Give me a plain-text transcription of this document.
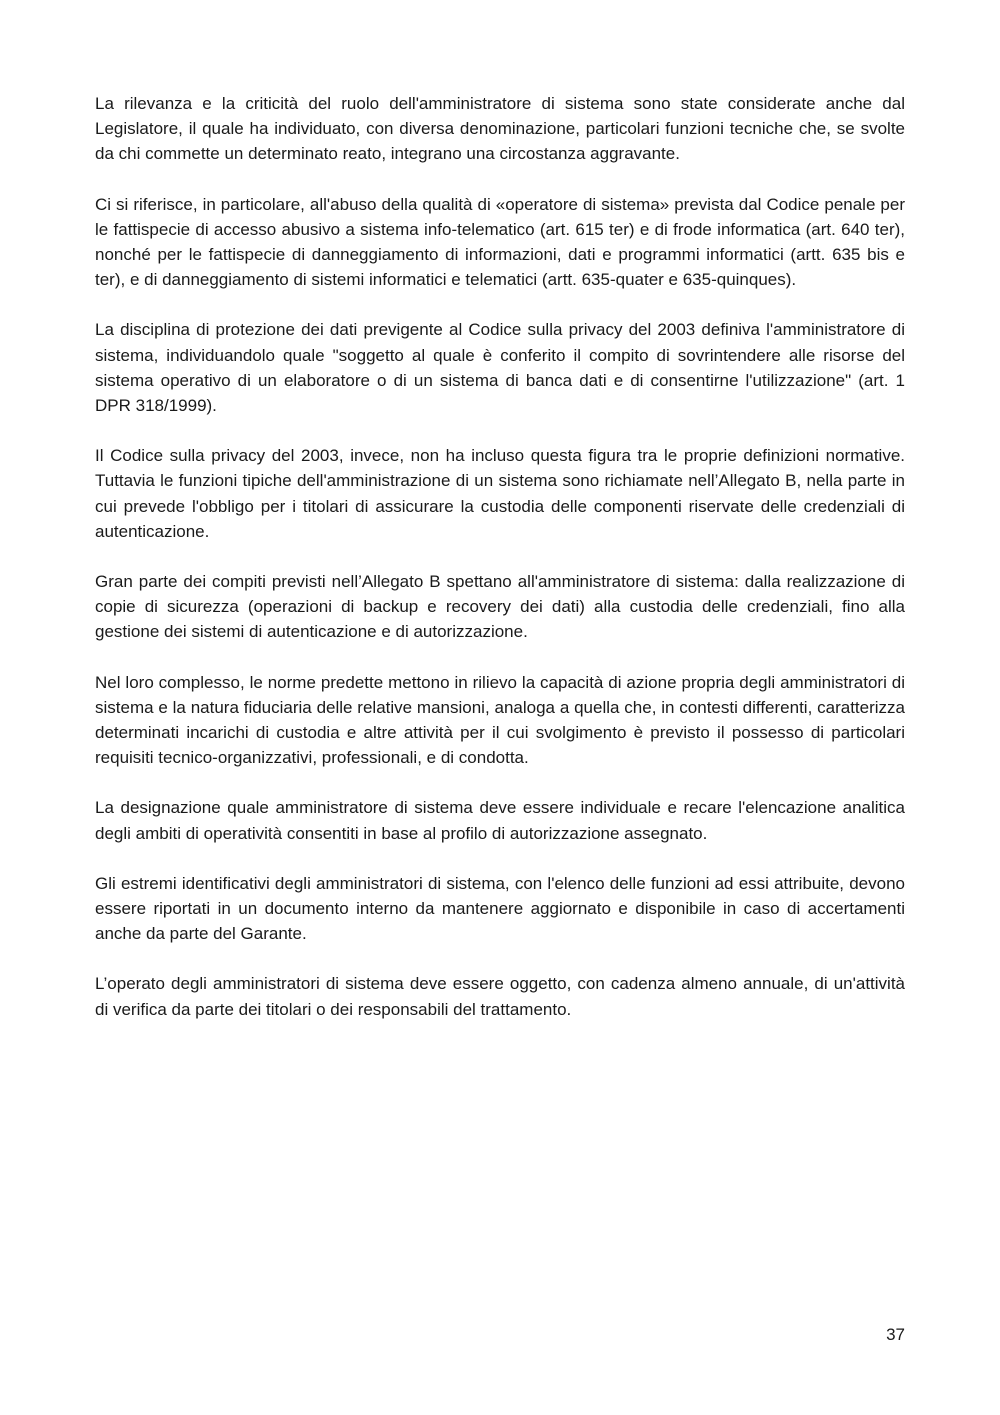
La rilevanza e la criticità del ruolo dell'amministratore di sistema sono state considerate anche dal Legislatore, il quale ha individuato, con diversa denominazione, particolari funzioni tecniche che, se svolte da chi commette un determinato reato, integrano una circostanza aggravante.

Ci si riferisce, in particolare, all'abuso della qualità di «operatore di sistema» prevista dal Codice penale per le fattispecie di accesso abusivo a sistema info-telematico (art. 615 ter) e di frode informatica (art. 640 ter), nonché per le fattispecie di danneggiamento di informazioni, dati e programmi informatici (artt. 635 bis e ter), e di danneggiamento di sistemi informatici e telematici (artt. 635-quater e 635-quinques).

La disciplina di protezione dei dati previgente al Codice sulla privacy del 2003 definiva l'amministratore di sistema, individuandolo quale "soggetto al quale è conferito il compito di sovrintendere alle risorse del sistema operativo di un elaboratore o di un sistema di banca dati e di consentirne l'utilizzazione" (art. 1 DPR 318/1999).

Il Codice sulla privacy del 2003, invece, non ha incluso questa figura tra le proprie definizioni normative. Tuttavia le funzioni tipiche dell'amministrazione di un sistema sono richiamate nell’Allegato B, nella parte in cui prevede l'obbligo per i titolari di assicurare la custodia delle componenti riservate delle credenziali di autenticazione.

Gran parte dei compiti previsti nell’Allegato B spettano all'amministratore di sistema: dalla realizzazione di copie di sicurezza (operazioni di backup e recovery dei dati) alla custodia delle credenziali, fino alla gestione dei sistemi di autenticazione e di autorizzazione.

Nel loro complesso, le norme predette mettono in rilievo la capacità di azione propria degli amministratori di sistema e la natura fiduciaria delle relative mansioni, analoga a quella che, in contesti differenti, caratterizza determinati incarichi di custodia e altre attività per il cui svolgimento è previsto il possesso di particolari requisiti tecnico-organizzativi, professionali, e di condotta.

La designazione quale amministratore di sistema deve essere individuale e recare l'elencazione analitica degli ambiti di operatività consentiti in base al profilo di autorizzazione assegnato.

Gli estremi identificativi degli amministratori di sistema, con l'elenco delle funzioni ad essi attribuite, devono essere riportati in un documento interno da mantenere aggiornato e disponibile in caso di accertamenti anche da parte del Garante.

L’operato degli amministratori di sistema deve essere oggetto, con cadenza almeno annuale, di un'attività di verifica da parte dei titolari o dei responsabili del trattamento.

37
